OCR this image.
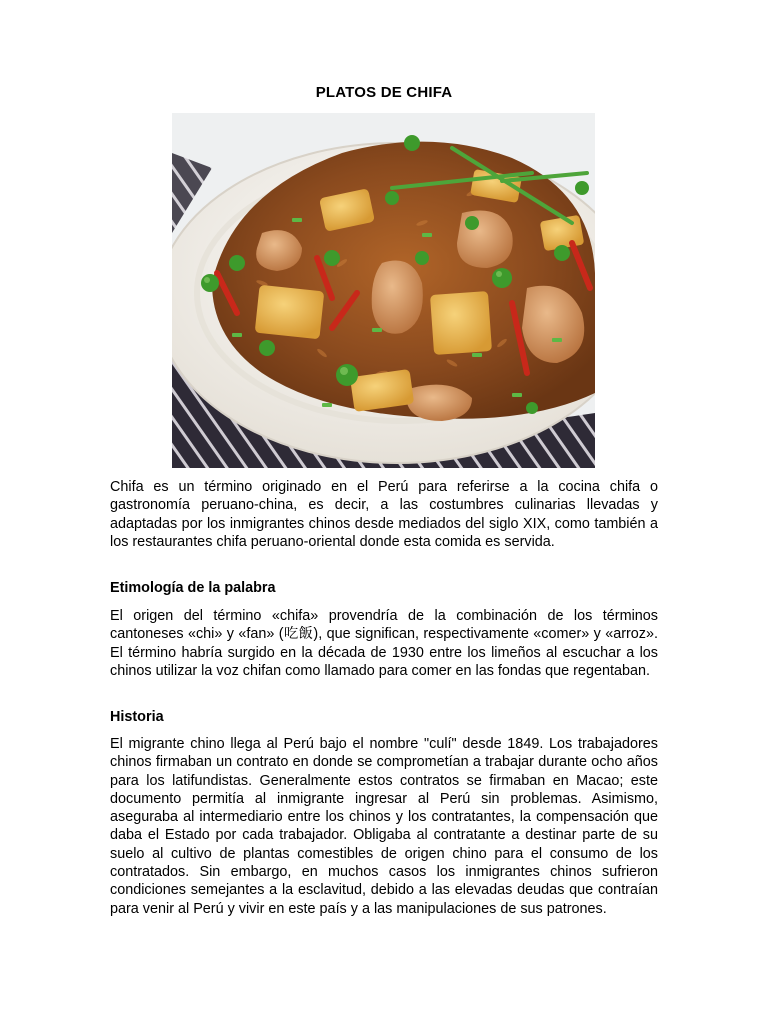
PLATOS DE CHIFA

Chifa es un término originado en el Perú para referirse a la cocina chifa o gastronomía peruano-china, es decir, a las costumbres culinarias llevadas y adaptadas por los inmigrantes chinos desde mediados del siglo XIX, como también a los restaurantes chifa peruano-oriental donde esta comida es servida.

Etimología de la palabra

El origen del término «chifa» provendría de la combinación de los términos cantoneses «chi» y «fan» (吃飯), que significan, respectivamente «comer» y «arroz». El término habría surgido en la década de 1930 entre los limeños al escuchar a los chinos utilizar la voz chifan como llamado para comer en las fondas que regentaban.

Historia

El migrante chino llega al Perú bajo el nombre "culí" desde 1849. Los trabajadores chinos firmaban un contrato en donde se comprometían a trabajar durante ocho años para los latifundistas. Generalmente estos contratos se firmaban en Macao; este documento permitía al inmigrante ingresar al Perú sin problemas. Asimismo, aseguraba al intermediario entre los chinos y los contratantes, la compensación que daba el Estado por cada trabajador. Obligaba al contratante a destinar parte de su suelo al cultivo de plantas comestibles de origen chino para el consumo de los contratados. Sin embargo, en muchos casos los inmigrantes chinos sufrieron condiciones semejantes a la esclavitud, debido a las elevadas deudas que contraían para venir al Perú y vivir en este país y a las manipulaciones de sus patrones.
